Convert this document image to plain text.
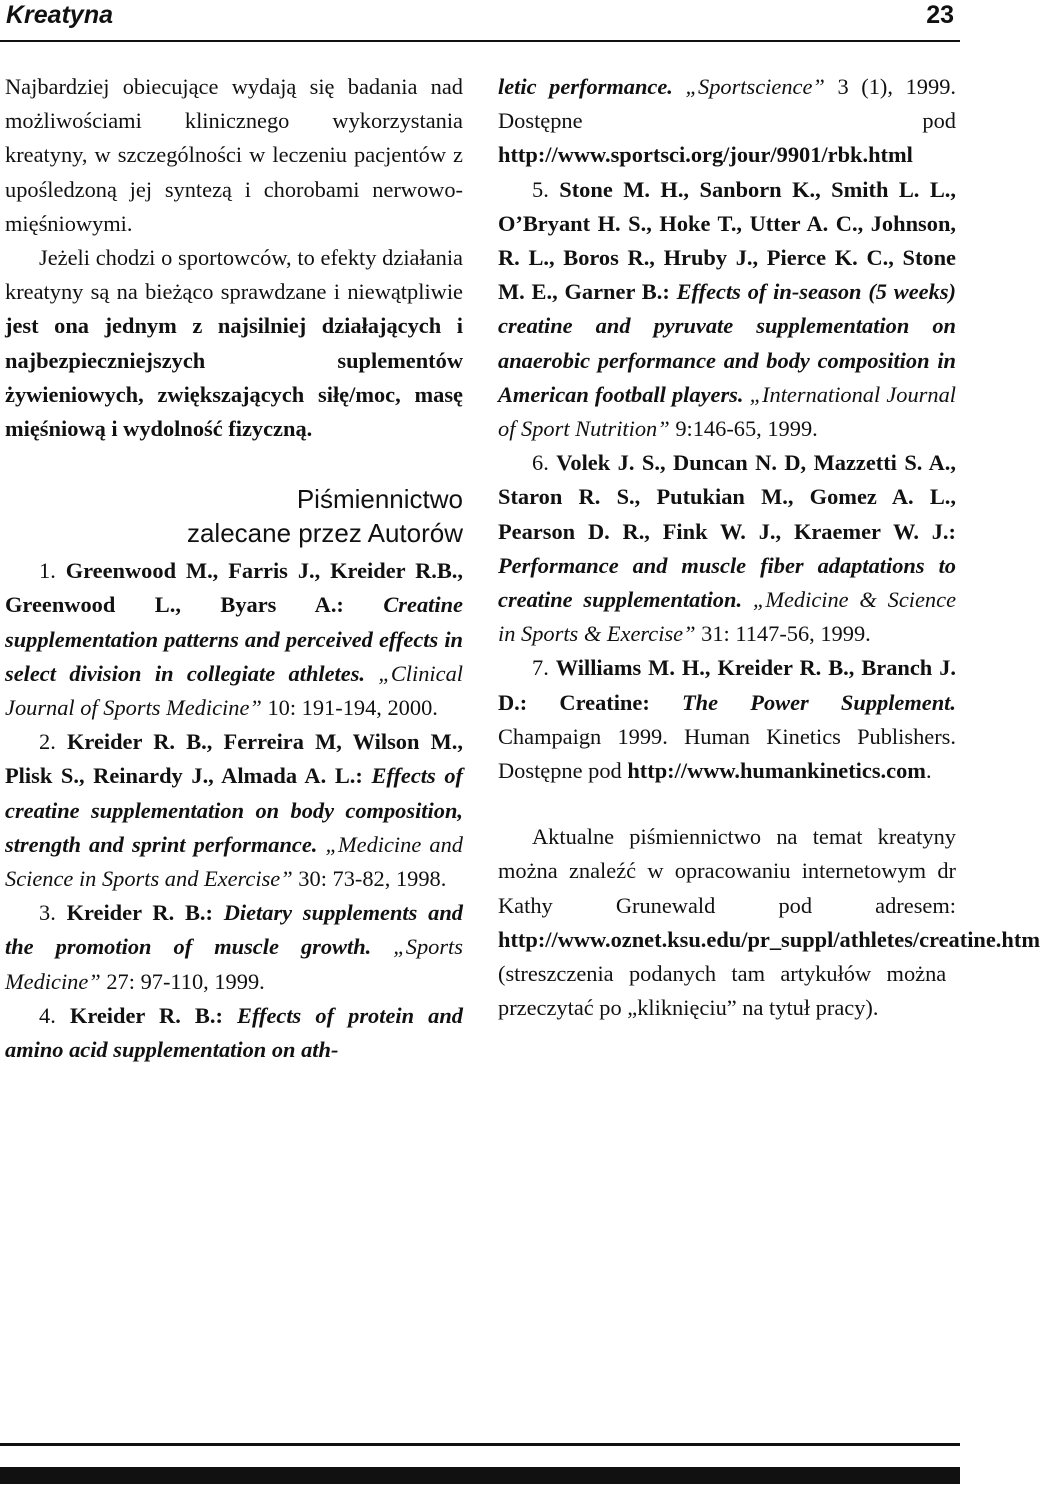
Kreatyna	23

Najbardziej obiecujące wydają się badania nad możliwościami klinicznego wykorzystania kreatyny, w szczególności w leczeniu pacjentów z upośledzoną jej syntezą i chorobami nerwowo-mięśniowymi.

Jeżeli chodzi o sportowców, to efekty działania kreatyny są na bieżąco sprawdzane i niewątpliwie jest ona jednym z najsilniej działających i najbezpieczniejszych suplementów żywieniowych, zwiększających siłę/moc, masę mięśniową i wydolność fizyczną.

Piśmiennictwo
zalecane przez Autorów

1. Greenwood M., Farris J., Kreider R.B., Greenwood L., Byars A.: Creatine supplementation patterns and perceived effects in select division in collegiate athletes. „Clinical Journal of Sports Medicine” 10: 191-194, 2000.

2. Kreider R. B., Ferreira M, Wilson M., Plisk S., Reinardy J., Almada A. L.: Effects of creatine supplementation on body composition, strength and sprint performance. „Medicine and Science in Sports and Exercise” 30: 73-82, 1998.

3. Kreider R. B.: Dietary supplements and the promotion of muscle growth. „Sports Medicine” 27: 97-110, 1999.

4. Kreider R. B.: Effects of protein and amino acid supplementation on ath-

letic performance. „Sportscience” 3 (1), 1999. Dostępne pod http://www.sportsci.org/jour/9901/rbk.html

5. Stone M. H., Sanborn K., Smith L. L., O’Bryant H. S., Hoke T., Utter A. C., Johnson, R. L., Boros R., Hruby J., Pierce K. C., Stone M. E., Garner B.: Effects of in-season (5 weeks) creatine and pyruvate supplementation on anaerobic performance and body composition in American football players. „International Journal of Sport Nutrition” 9:146-65, 1999.

6. Volek J. S., Duncan N. D, Mazzetti S. A., Staron R. S., Putukian M., Gomez A. L., Pearson D. R., Fink W. J., Kraemer W. J.: Performance and muscle fiber adaptations to creatine supplementation. „Medicine & Science in Sports & Exercise” 31: 1147-56, 1999.

7. Williams M. H., Kreider R. B., Branch J. D.: Creatine: The Power Supplement. Champaign 1999. Human Kinetics Publishers. Dostępne pod http://www.humankinetics.com.

Aktualne piśmiennictwo na temat kreatyny można znaleźć w opracowaniu internetowym dr Kathy Grunewald pod adresem: http://www.oznet.ksu.edu/pr_suppl/athletes/creatine.htm (streszczenia podanych tam artykułów można przeczytać po „kliknięciu” na tytuł pracy).
